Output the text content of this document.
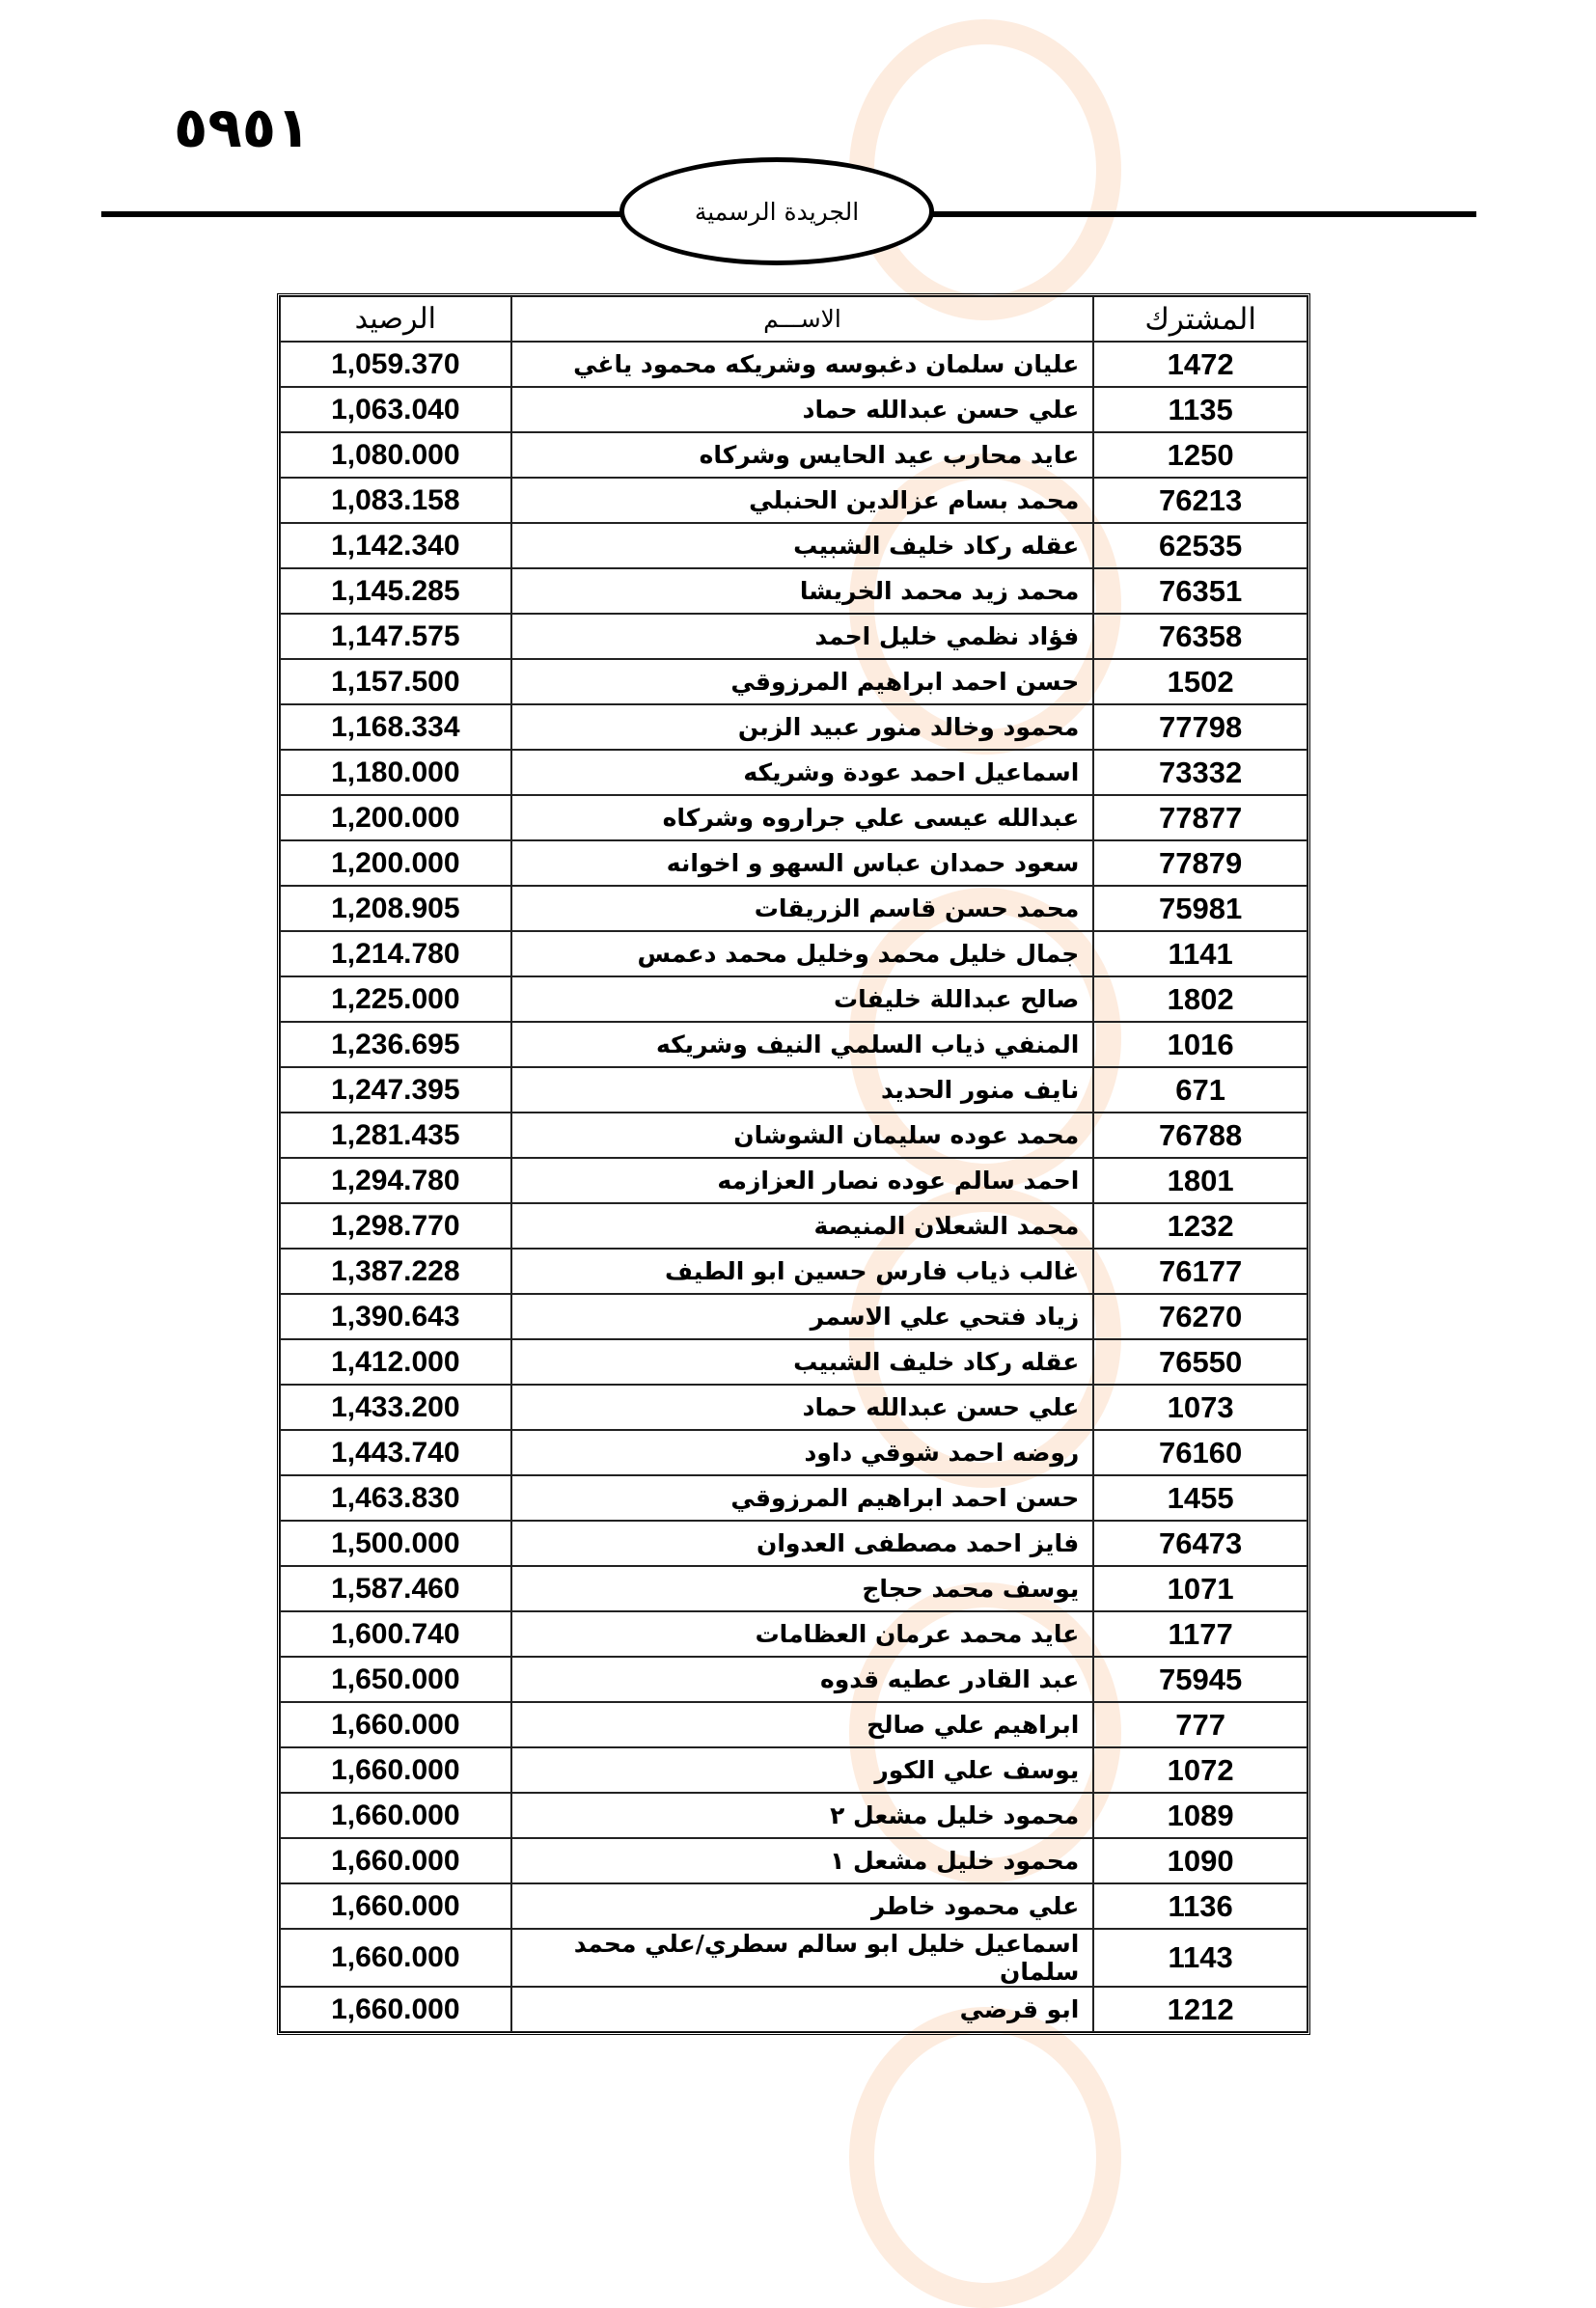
٥٩٥١
الجريدة الرسمية
الرصيد	الاســـم	المشترك
1,059.370	عليان سلمان دغبوسه وشريكه محمود ياغي	1472
1,063.040	علي حسن عبدالله حماد	1135
1,080.000	عايد محارب عيد الحايس وشركاه	1250
1,083.158	محمد بسام عزالدين الحنبلي	76213
1,142.340	عقله ركاد خليف الشبيب	62535
1,145.285	محمد زيد محمد الخريشا	76351
1,147.575	فؤاد نظمي خليل احمد	76358
1,157.500	حسن احمد ابراهيم المرزوقي	1502
1,168.334	محمود وخالد منور عبيد الزبن	77798
1,180.000	اسماعيل احمد عودة وشريكه	73332
1,200.000	عبدالله عيسى علي جراروه وشركاه	77877
1,200.000	سعود حمدان عباس السهو و اخوانه	77879
1,208.905	محمد حسن قاسم الزريقات	75981
1,214.780	جمال خليل محمد وخليل محمد دعمس	1141
1,225.000	صالح عبداللة خليفات	1802
1,236.695	المنفي ذياب السلمي النيف وشريكه	1016
1,247.395	نايف منور الحديد	671
1,281.435	محمد عوده سليمان الشوشان	76788
1,294.780	احمد سالم عوده نصار العزازمه	1801
1,298.770	محمد الشعلان المنيصة	1232
1,387.228	غالب ذياب فارس حسين ابو الطيف	76177
1,390.643	زياد فتحي علي الاسمر	76270
1,412.000	عقله ركاد خليف الشبيب	76550
1,433.200	علي حسن عبدالله حماد	1073
1,443.740	روضه احمد شوقي داود	76160
1,463.830	حسن احمد ابراهيم المرزوقي	1455
1,500.000	فايز احمد مصطفى العدوان	76473
1,587.460	يوسف محمد حجاج	1071
1,600.740	عايد محمد عرمان العظامات	1177
1,650.000	عبد القادر عطيه قدوه	75945
1,660.000	ابراهيم علي صالح	777
1,660.000	يوسف علي الكور	1072
1,660.000	محمود خليل مشعل ٢	1089
1,660.000	محمود خليل مشعل ١	1090
1,660.000	علي محمود خاطر	1136
1,660.000	اسماعيل خليل ابو سالم سطري/علي محمد سلمان	1143
1,660.000	ابو قرضي	1212
